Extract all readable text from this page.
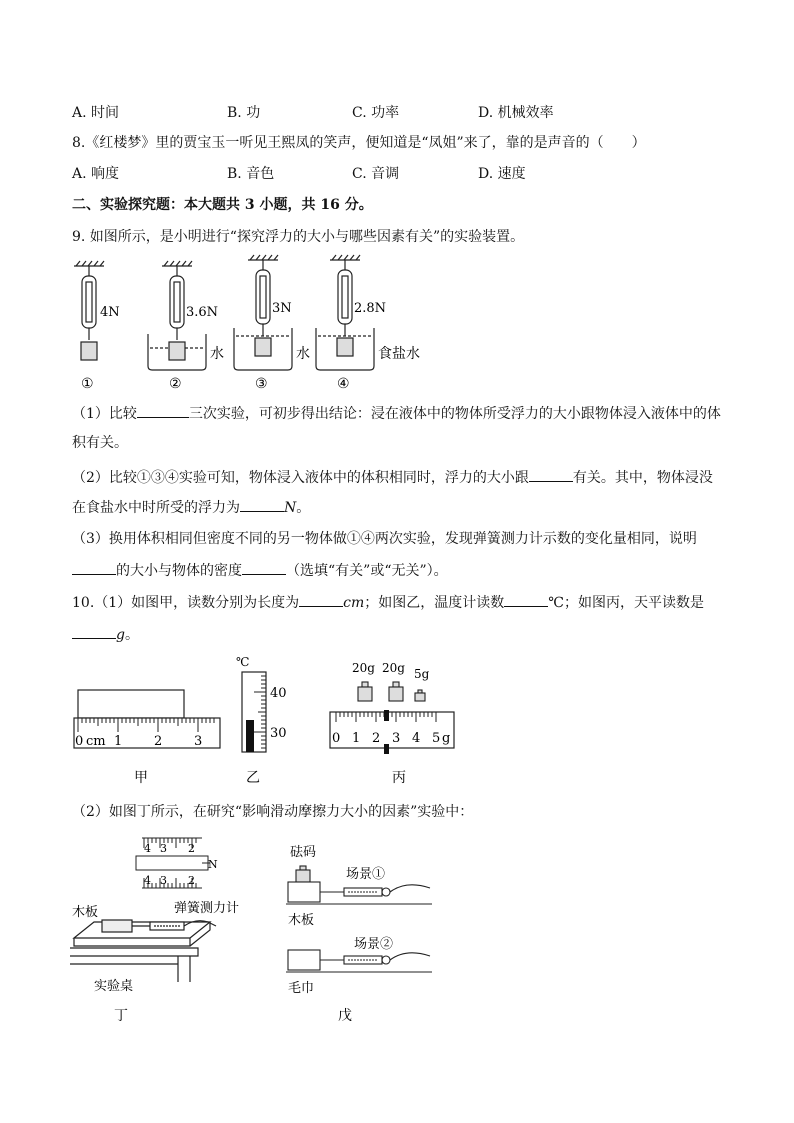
A. 时间	B. 功	C. 功率	D. 机械效率
8.《红楼梦》里的贾宝玉一听见王熙凤的笑声，便知道是“凤姐”来了，靠的是声音的（　　）
A. 响度	B. 音色	C. 音调	D. 速度
二、实验探究题：本大题共 3 小题，共 16 分。
9. 如图所示，是小明进行“探究浮力的大小与哪些因素有关”的实验装置。
4N	3.6N	3N	2.8N
水	水	食盐水
①	②	③	④
（1）比较	三次实验，可初步得出结论：浸在液体中的物体所受浮力的大小跟物体浸入液体中的体
积有关。
（2）比较①③④实验可知，物体浸入液体中的体积相同时，浮力的大小跟	有关。其中，物体浸没
在食盐水中时所受的浮力为	N。
（3）换用体积相同但密度不同的另一物体做①④两次实验，发现弹簧测力计示数的变化量相同，说明
的大小与物体的密度	（选填“有关”或“无关”）。
10.（1）如图甲，读数分别为长度为	cm；如图乙，温度计读数	℃；如图丙，天平读数是
g。
0 cm 1 2 3
甲
℃
40
30
乙
20g 20g 5g
0 1 2 3 4 5 g
丙
（2）如图丁所示，在研究“影响滑动摩擦力大小的因素”实验中：
4 3 2
4 3 2
N
木板	弹簧测力计
实验桌
丁
砝码
场景①
木板
场景②
毛巾
戊
